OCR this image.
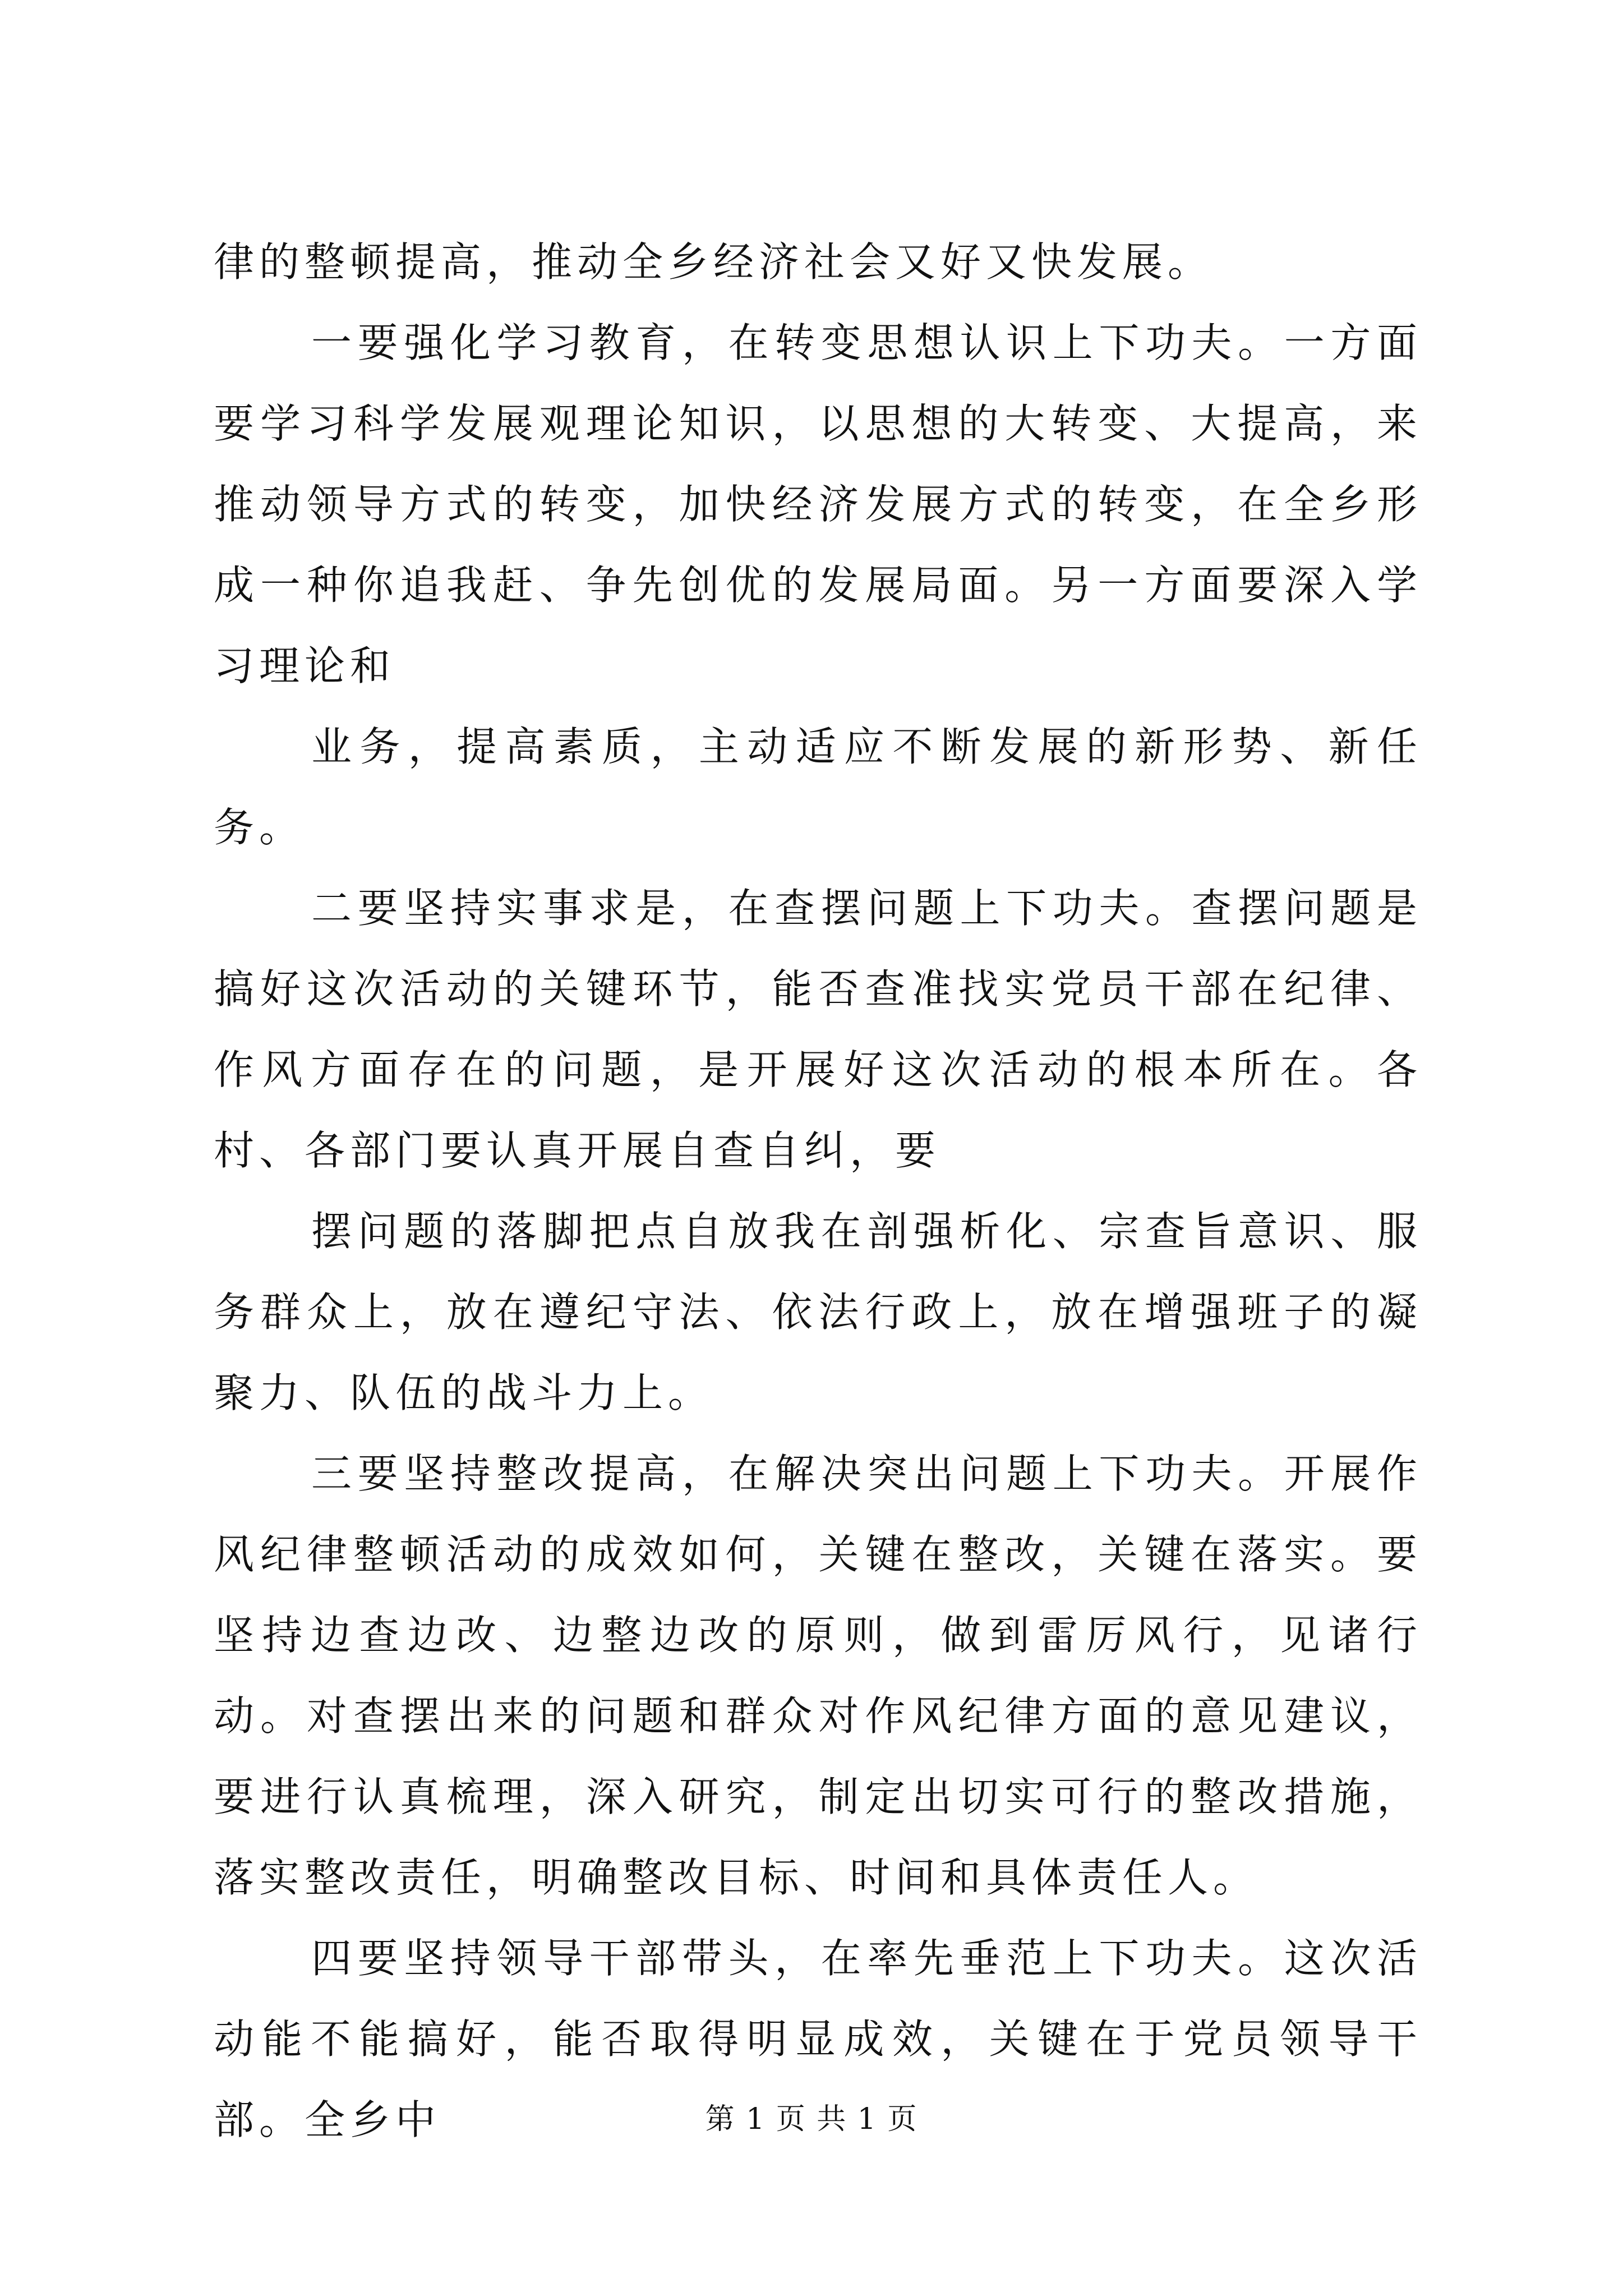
律的整顿提高，推动全乡经济社会又好又快发展。

一要强化学习教育，在转变思想认识上下功夫。一方面要学习科学发展观理论知识，以思想的大转变、大提高，来推动领导方式的转变，加快经济发展方式的转变，在全乡形成一种你追我赶、争先创优的发展局面。另一方面要深入学习理论和

业务，提高素质，主动适应不断发展的新形势、新任务。

二要坚持实事求是，在查摆问题上下功夫。查摆问题是搞好这次活动的关键环节，能否查准找实党员干部在纪律、作风方面存在的问题，是开展好这次活动的根本所在。各村、各部门要认真开展自查自纠，要

摆问题的落脚把点自放我在剖强析化、宗查旨意识、服务群众上，放在遵纪守法、依法行政上，放在增强班子的凝聚力、队伍的战斗力上。

三要坚持整改提高，在解决突出问题上下功夫。开展作风纪律整顿活动的成效如何，关键在整改，关键在落实。要坚持边查边改、边整边改的原则，做到雷厉风行，见诸行动。对查摆出来的问题和群众对作风纪律方面的意见建议，要进行认真梳理，深入研究，制定出切实可行的整改措施，落实整改责任，明确整改目标、时间和具体责任人。

四要坚持领导干部带头，在率先垂范上下功夫。这次活动能不能搞好，能否取得明显成效，关键在于党员领导干部。全乡中	第 1 页 共 1 页
